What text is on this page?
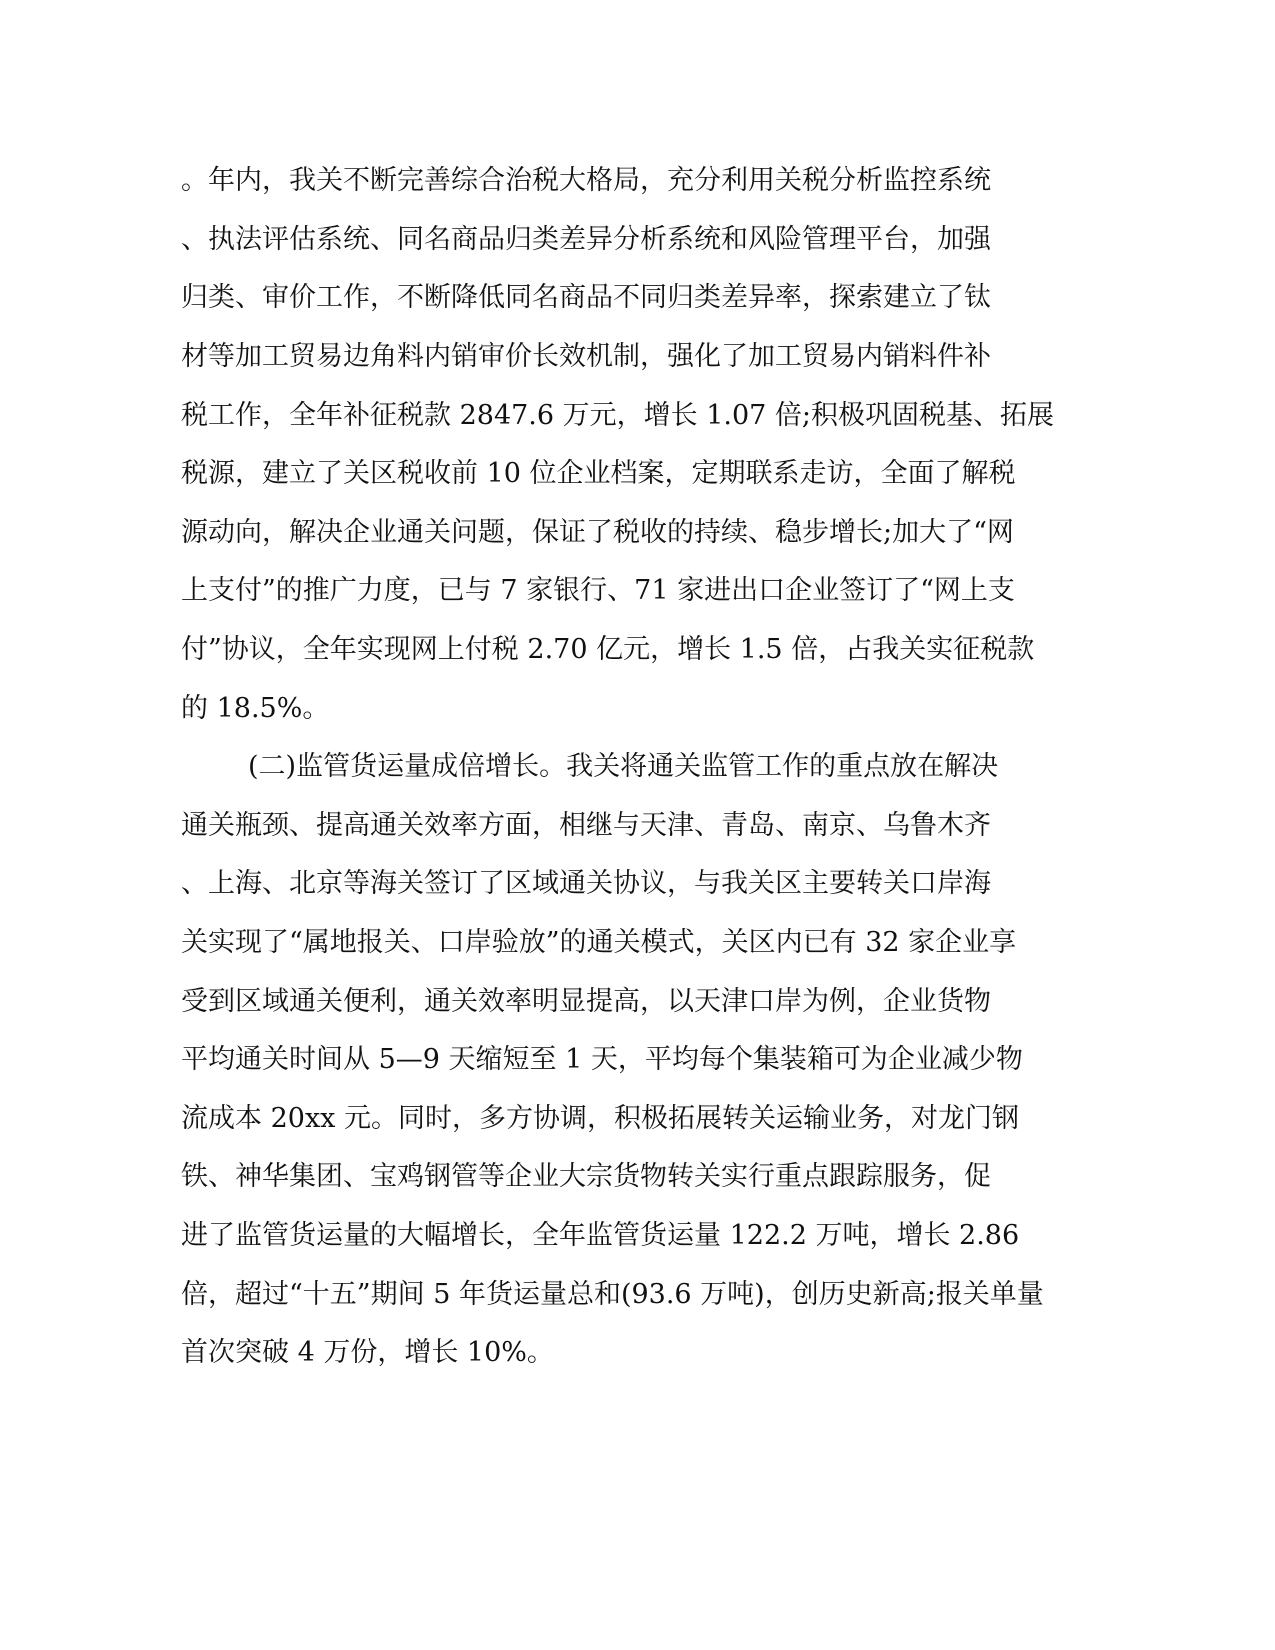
。年内，我关不断完善综合治税大格局，充分利用关税分析监控系统
、执法评估系统、同名商品归类差异分析系统和风险管理平台，加强
归类、审价工作，不断降低同名商品不同归类差异率，探索建立了钛
材等加工贸易边角料内销审价长效机制，强化了加工贸易内销料件补
税工作，全年补征税款 2847.6 万元，增长 1.07 倍;积极巩固税基、拓展
税源，建立了关区税收前 10 位企业档案，定期联系走访，全面了解税
源动向，解决企业通关问题，保证了税收的持续、稳步增长;加大了“网
上支付”的推广力度，已与 7 家银行、71 家进出口企业签订了“网上支
付”协议，全年实现网上付税 2.70 亿元，增长 1.5 倍，占我关实征税款
的 18.5%。
(二)监管货运量成倍增长。我关将通关监管工作的重点放在解决
通关瓶颈、提高通关效率方面，相继与天津、青岛、南京、乌鲁木齐
、上海、北京等海关签订了区域通关协议，与我关区主要转关口岸海
关实现了“属地报关、口岸验放”的通关模式，关区内已有 32 家企业享
受到区域通关便利，通关效率明显提高，以天津口岸为例，企业货物
平均通关时间从 5—9 天缩短至 1 天，平均每个集装箱可为企业减少物
流成本 20xx 元。同时，多方协调，积极拓展转关运输业务，对龙门钢
铁、神华集团、宝鸡钢管等企业大宗货物转关实行重点跟踪服务，促
进了监管货运量的大幅增长，全年监管货运量 122.2 万吨，增长 2.86
倍，超过“十五”期间 5 年货运量总和(93.6 万吨)，创历史新高;报关单量
首次突破 4 万份，增长 10%。
